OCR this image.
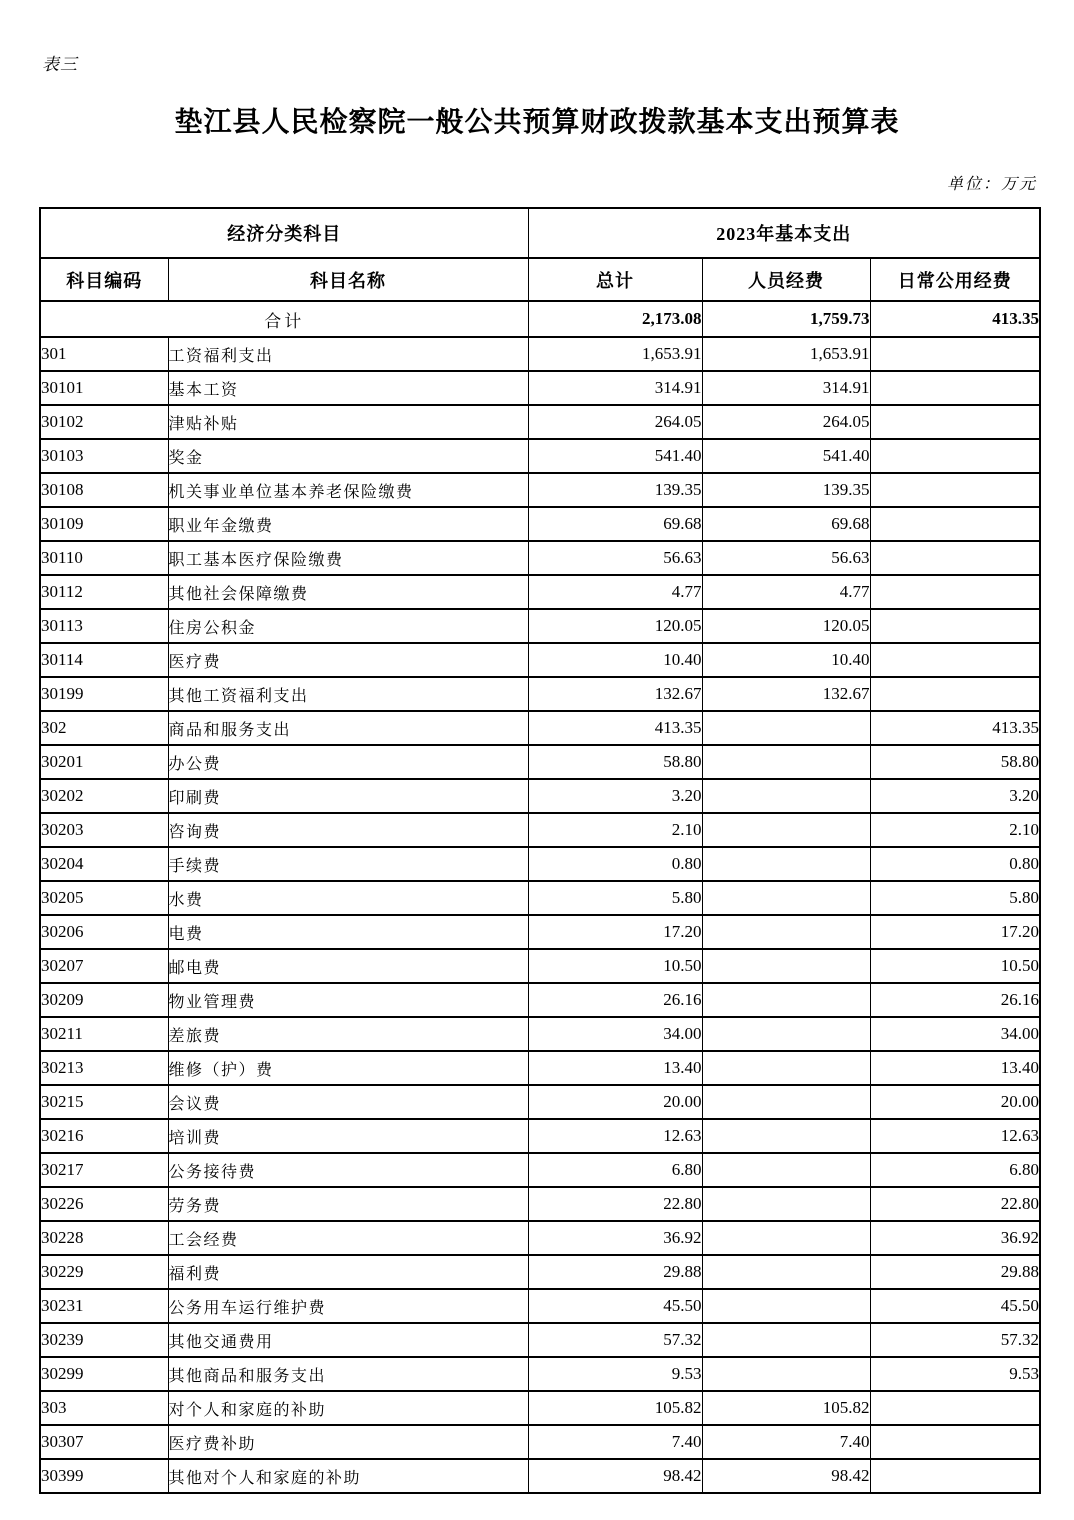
表三
垫江县人民检察院一般公共预算财政拨款基本支出预算表
单位：万元
经济分类科目		2023年基本支出		
科目编码	科目名称	总计	人员经费	日常公用经费
合计		2,173.08	1,759.73	413.35
301	工资福利支出	1,653.91	1,653.91	
30101	基本工资	314.91	314.91	
30102	津贴补贴	264.05	264.05	
30103	奖金	541.40	541.40	
30108	机关事业单位基本养老保险缴费	139.35	139.35	
30109	职业年金缴费	69.68	69.68	
30110	职工基本医疗保险缴费	56.63	56.63	
30112	其他社会保障缴费	4.77	4.77	
30113	住房公积金	120.05	120.05	
30114	医疗费	10.40	10.40	
30199	其他工资福利支出	132.67	132.67	
302	商品和服务支出	413.35		413.35
30201	办公费	58.80		58.80
30202	印刷费	3.20		3.20
30203	咨询费	2.10		2.10
30204	手续费	0.80		0.80
30205	水费	5.80		5.80
30206	电费	17.20		17.20
30207	邮电费	10.50		10.50
30209	物业管理费	26.16		26.16
30211	差旅费	34.00		34.00
30213	维修（护）费	13.40		13.40
30215	会议费	20.00		20.00
30216	培训费	12.63		12.63
30217	公务接待费	6.80		6.80
30226	劳务费	22.80		22.80
30228	工会经费	36.92		36.92
30229	福利费	29.88		29.88
30231	公务用车运行维护费	45.50		45.50
30239	其他交通费用	57.32		57.32
30299	其他商品和服务支出	9.53		9.53
303	对个人和家庭的补助	105.82	105.82	
30307	医疗费补助	7.40	7.40	
30399	其他对个人和家庭的补助	98.42	98.42	
